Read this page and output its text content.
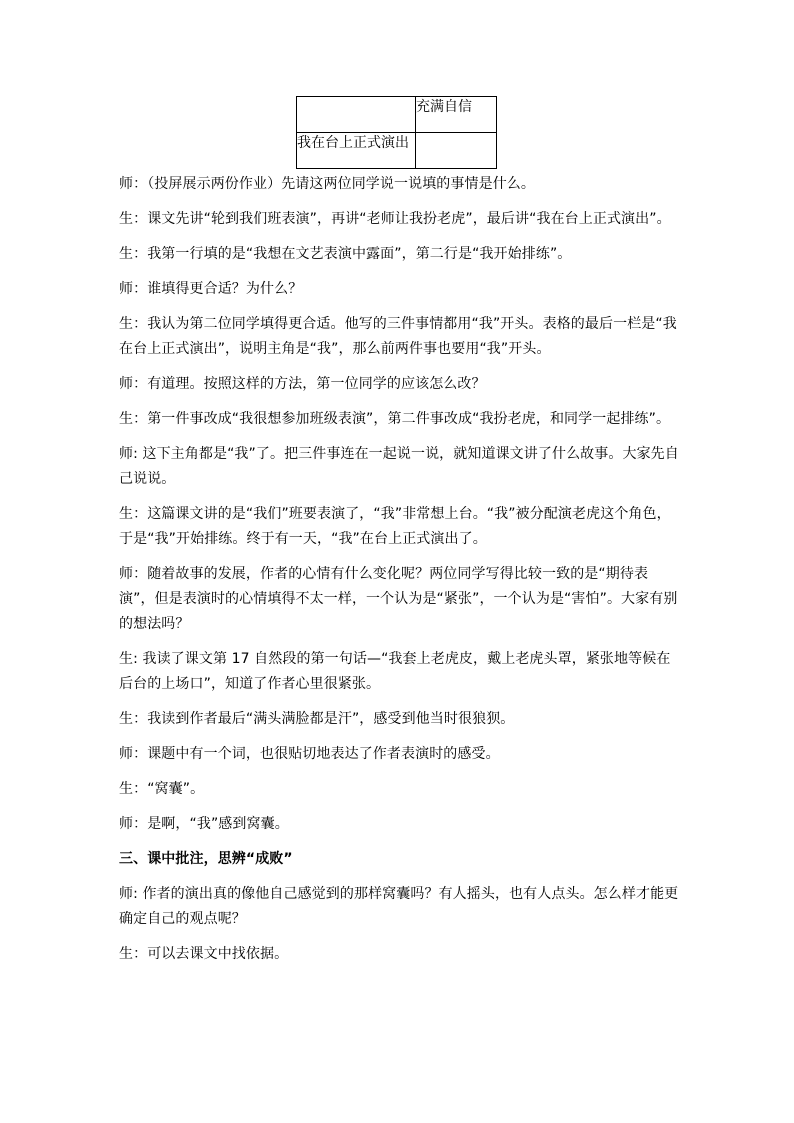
	充满自信
我在台上正式演出	

师：（投屏展示两份作业）先请这两位同学说一说填的事情是什么。

生：课文先讲“轮到我们班表演”，再讲“老师让我扮老虎”，最后讲“我在台上正式演出”。

生：我第一行填的是“我想在文艺表演中露面”，第二行是“我开始排练”。

师：谁填得更合适？为什么？

生：我认为第二位同学填得更合适。他写的三件事情都用“我”开头。表格的最后一栏是“我在台上正式演出”，说明主角是“我”，那么前两件事也要用“我”开头。

师：有道理。按照这样的方法，第一位同学的应该怎么改？

生：第一件事改成“我很想参加班级表演”，第二件事改成“我扮老虎，和同学一起排练”。

师: 这下主角都是“我”了。把三件事连在一起说一说，就知道课文讲了什么故事。大家先自己说说。

生：这篇课文讲的是“我们”班要表演了，“我”非常想上台。“我”被分配演老虎这个角色，于是“我”开始排练。终于有一天，“我”在台上正式演出了。

师：随着故事的发展，作者的心情有什么变化呢？两位同学写得比较一致的是“期待表演”，但是表演时的心情填得不太一样，一个认为是“紧张”，一个认为是“害怕”。大家有别的想法吗？

生: 我读了课文第 17 自然段的第一句话—“我套上老虎皮，戴上老虎头罩，紧张地等候在后台的上场口”，知道了作者心里很紧张。

生：我读到作者最后“满头满脸都是汗”，感受到他当时很狼狈。

师：课题中有一个词，也很贴切地表达了作者表演时的感受。

生：“窝囊”。

师：是啊，“我”感到窝囊。

三、课中批注，思辨“成败”

师: 作者的演出真的像他自己感觉到的那样窝囊吗？有人摇头，也有人点头。怎么样才能更确定自己的观点呢？

生：可以去课文中找依据。
